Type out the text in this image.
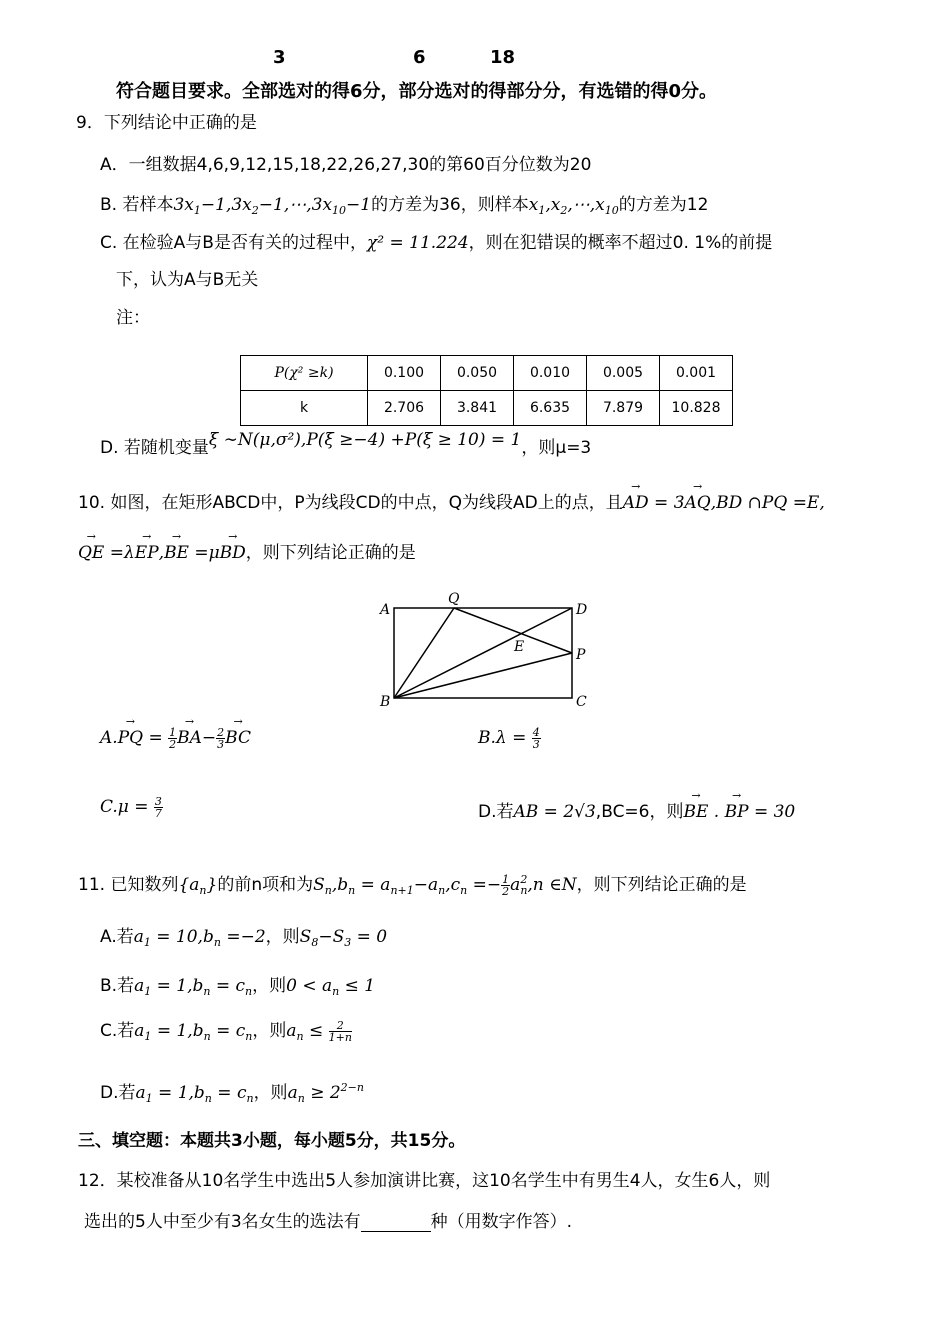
3	6	18
符合题目要求。全部选对的得6分，部分选对的得部分分，有选错的得0分。
9．下列结论中正确的是
A．一组数据4,6,9,12,15,18,22,26,27,30的第60百分位数为20
B. 若样本$3x_1-1,3x_2-1,\cdots,3x_{10}-1$的方差为36，则样本$x_1,x_2,\cdots,x_{10}$的方差为12
C. 在检验A与B是否有关的过程中，χ² = 11.224，则在犯错误的概率不超过0. 1%的前提
下，认为A与B无关
注：
P(χ² ≥k)	0.100	0.050	0.010	0.005	0.001
k	2.706	3.841	6.635	7.879	10.828
D. 若随机变量ξ ∼N(μ,σ²),P(ξ ≥−4) +P(ξ ≥ 10) = 1，则μ=3
10. 如图，在矩形ABCD中，P为线段CD的中点，Q为线段AD上的点，且→ AD = 3→ AQ,BD ∩PQ =E,
→ QE =λ→ EP,→ BE =μ→ BD，则下列结论正确的是
A
Q
D
E	P
B	C
A.→ PQ = $\frac{1}{2} \to BA- \frac{2}{3}$ → BC	$B.\lambda = \frac{4}{3}$
$C.\mu = \frac{3}{7}$	D.若AB = 2√3,BC=6，则→ BE . → BP = 30
11. 已知数列$\{a_n\}$的前n项和为$S_n,b_n = a_{n+1}-a_n,c_n =- \frac{1}{2} a_n^2,n$ ∈N，则下列结论正确的是
A.若$a_1 = 10,b_n =-2$，则$S_8-S_3 = 0$
B.若$a_1 = 1,b_n = c_n$，则$0 < a_n \le 1$
C.若$a_1 = 1,b_n = c_n$，则$a_n \le \frac{2}{1+n}$
D.若$a_1 = 1,b_n = c_n$，则$a_n \ge 2^{2-n}$
三、填空题：本题共3小题，每小题5分，共15分。
12．某校准备从10名学生中选出5人参加演讲比赛，这10名学生中有男生4人，女生6人，则
选出的5人中至少有3名女生的选法有	种（用数字作答）.
